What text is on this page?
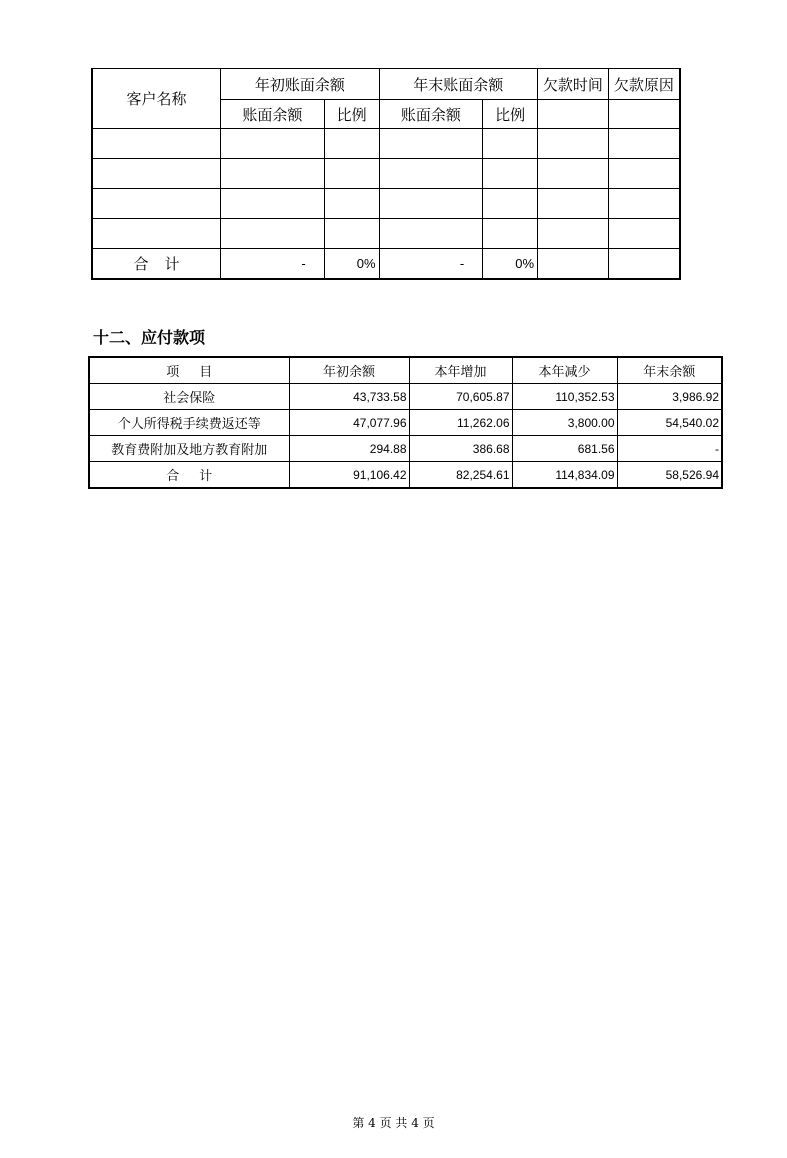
客户名称	年初账面余额		年末账面余额		欠款时间	欠款原因
	账面余额	比例	账面余额	比例		

合计	-	0%	-	0%		
十二、应付款项
项目	年初余额	本年增加	本年减少	年末余额
社会保险	43,733.58	70,605.87	110,352.53	3,986.92
个人所得税手续费返还等	47,077.96	11,262.06	3,800.00	54,540.02
教育费附加及地方教育附加	294.88	386.68	681.56	-
合计	91,106.42	82,254.61	114,834.09	58,526.94
第 4 页 共 4 页
